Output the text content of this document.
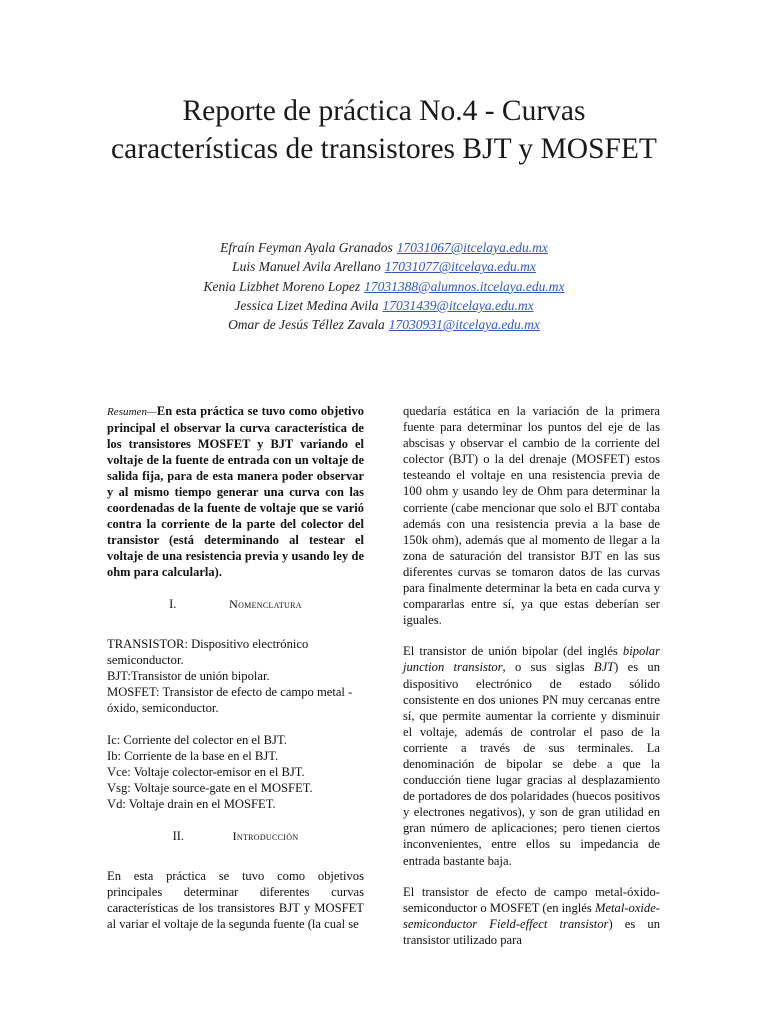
Reporte de práctica No.4 - Curvas características de transistores BJT y MOSFET
Efraín Feyman Ayala Granados 17031067@itcelaya.edu.mx
Luis Manuel Avila Arellano 17031077@itcelaya.edu.mx
Kenia Lizbhet Moreno Lopez 17031388@alumnos.itcelaya.edu.mx
Jessica Lizet Medina Avila 17031439@itcelaya.edu.mx
Omar de Jesús Téllez Zavala 17030931@itcelaya.edu.mx

Resumen—En esta práctica se tuvo como objetivo principal el observar la curva característica de los transistores MOSFET y BJT variando el voltaje de la fuente de entrada con un voltaje de salida fija, para de esta manera poder observar y al mismo tiempo generar una curva con las coordenadas de la fuente de voltaje que se varió contra la corriente de la parte del colector del transistor (está determinando al testear el voltaje de una resistencia previa y usando ley de ohm para calcularla).

I.	Nomenclatura

TRANSISTOR: Dispositivo electrónico semiconductor.

BJT:Transistor de unión bipolar.

MOSFET: Transistor de efecto de campo metal - óxido, semiconductor.

Ic: Corriente del colector en el BJT.

Ib: Corriente de la base en el BJT.

Vce: Voltaje colector-emisor en el BJT.

Vsg: Voltaje source-gate en el MOSFET.

Vd: Voltaje drain en el MOSFET.

II.	Introducción

En esta práctica se tuvo como objetivos principales determinar diferentes curvas características de los transistores BJT y MOSFET al variar el voltaje de la segunda fuente (la cual se

quedaría estática en la variación de la primera fuente para determinar los puntos del eje de las abscisas y observar el cambio de la corriente del colector (BJT) o la del drenaje (MOSFET) estos testeando el voltaje en una resistencia previa de 100 ohm y usando ley de Ohm para determinar la corriente (cabe mencionar que solo el BJT contaba además con una resistencia previa a la base de 150k ohm), además que al momento de llegar a la zona de saturación del transistor BJT en las sus diferentes curvas se tomaron datos de las curvas para finalmente determinar la beta en cada curva y compararlas entre sí, ya que estas deberían ser iguales.

El transistor de unión bipolar (del inglés bipolar junction transistor, o sus siglas BJT) es un dispositivo electrónico de estado sólido consistente en dos uniones PN muy cercanas entre sí, que permite aumentar la corriente y disminuir el voltaje, además de controlar el paso de la corriente a través de sus terminales. La denominación de bipolar se debe a que la conducción tiene lugar gracias al desplazamiento de portadores de dos polaridades (huecos positivos y electrones negativos), y son de gran utilidad en gran número de aplicaciones; pero tienen ciertos inconvenientes, entre ellos su impedancia de entrada bastante baja.

El transistor de efecto de campo metal-óxido-semiconductor o MOSFET (en inglés Metal-oxide-semiconductor Field-effect transistor) es un transistor utilizado para
